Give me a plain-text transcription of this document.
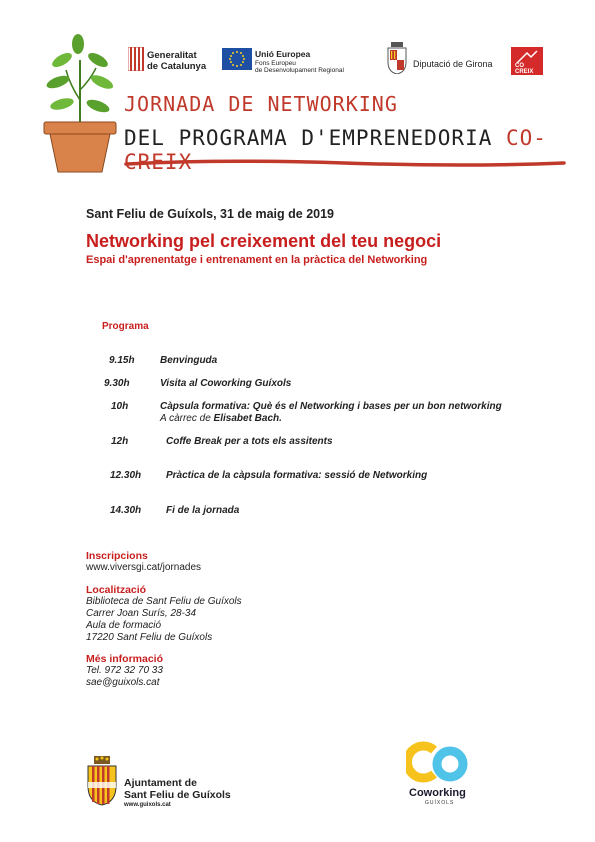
Generalitat
de Catalunya
Unió Europea
Fons Europeu
de Desenvolupament Regional
Diputació de Girona	CO CREIX
JORNADA DE NETWORKING
DEL PROGRAMA D'EMPRENEDORIA CO-CREIX
Sant Feliu de Guíxols, 31 de maig de 2019
Networking pel creixement del teu negoci
Espai d'aprenentatge i entrenament en la pràctica del Networking
Programa
9.15h	Benvinguda
9.30h	Visita al Coworking Guíxols
10h	Càpsula formativa: Què és el Networking i bases per un bon networking
A càrrec de Elisabet Bach.
12h	Coffe Break per a tots els assitents
12.30h Pràctica de la càpsula formativa: sessió de Networking
14.30h Fi de la jornada
Inscripcions
www.viversgi.cat/jornades
Localització
Biblioteca de Sant Feliu de Guíxols
Carrer Joan Surís, 28-34
Aula de formació
17220 Sant Feliu de Guíxols
Més informació
Tel. 972 32 70 33
sae@guixols.cat
Ajuntament de
Sant Feliu de Guíxols
www.guixols.cat
Coworking
GUÍXOLS
